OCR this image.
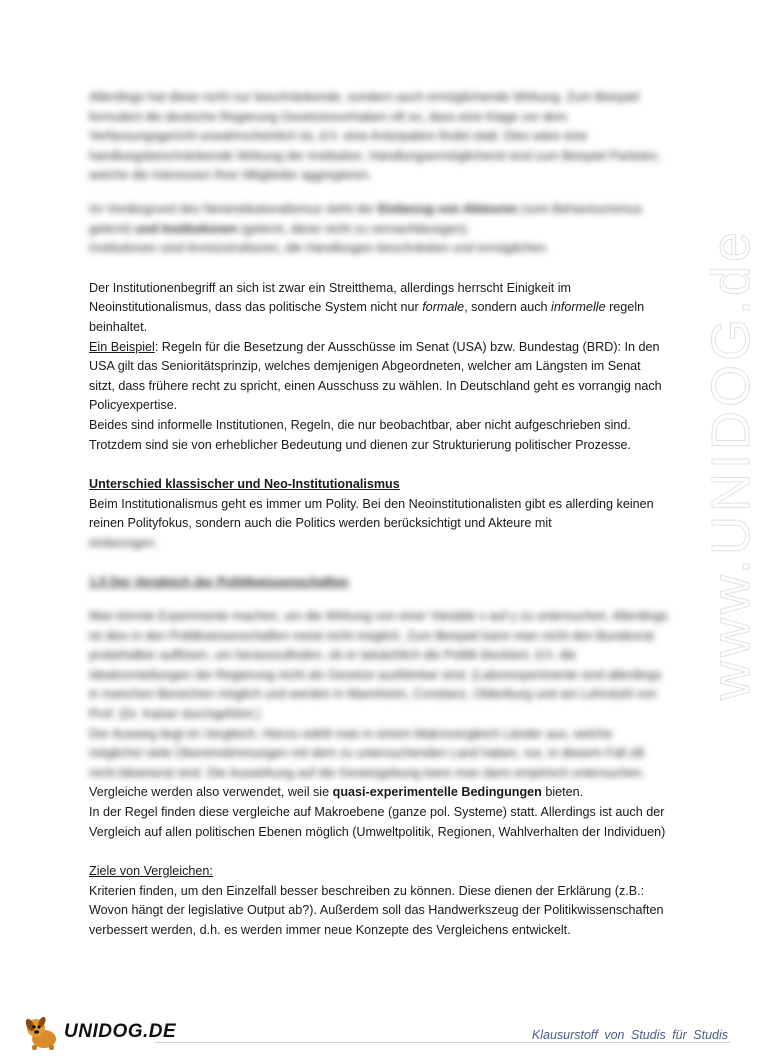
www.UNIDOG.de

Allerdings hat diese nicht nur beschränkende, sondern auch ermöglichende Wirkung. Zum Beispiel formuliert die deutsche Regierung Gesetzesvorhaben oft so, dass eine Klage vor dem Verfassungsgericht unwahrscheinlich ist, d.h. eine Antizipation findet statt. Dies wäre eine handlungsbeschränkende Wirkung der Institution. Handlungsermöglichend sind zum Beispiel Parteien, welche die Interessen ihrer Mitglieder aggregieren.

Im Vordergrund des Neoinstitutionalismus steht der Einbezug von Akteuren (vom Behaviourismus gelernt) und Institutionen (gelernt, diese nicht zu vernachlässigen).
Institutionen sind Anreizstrukturen, die Handlungen beschränken und ermöglichen.

Der Institutionenbegriff an sich ist zwar ein Streitthema, allerdings herrscht Einigkeit im Neoinstitutionalismus, dass das politische System nicht nur formale, sondern auch informelle regeln beinhaltet.

Ein Beispiel: Regeln für die Besetzung der Ausschüsse im Senat (USA) bzw. Bundestag (BRD): In den USA gilt das Senioritätsprinzip, welches demjenigen Abgeordneten, welcher am Längsten im Senat sitzt, dass frühere recht zu spricht, einen Ausschuss zu wählen. In Deutschland geht es vorrangig nach Policyexpertise.

Beides sind informelle Institutionen, Regeln, die nur beobachtbar, aber nicht aufgeschrieben sind. Trotzdem sind sie von erheblicher Bedeutung und dienen zur Strukturierung politischer Prozesse.

Unterschied klassischer und Neo-Institutionalismus

Beim Institutionalismus geht es immer um Polity. Bei den Neoinstitutionalisten gibt es allerding keinen reinen Polityfokus, sondern auch die Politics werden berücksichtigt und Akteure mit

einbezogen.

1.5 Der Vergleich der Politikwissenschaften

Man könnte Experimente machen, um die Wirkung von einer Variable x auf y zu untersuchen. Allerdings ist dies in den Politikwissenschaften meist nicht möglich. Zum Beispiel kann man nicht den Bundesrat probehalber auflösen, um herauszufinden, ob er tatsächlich die Politik blockiert, d.h. die Idealvorstellungen der Regierung nicht als Gesetze ausführbar sind. (Laborexperimente sind allerdings in manchen Bereichen möglich und werden in Mannheim, Constanz, Oldenburg und am Lehrstuhl von Prof. (Dr. Kaiser durchgeführt.)

Der Ausweg liegt im Vergleich. Hierzu wählt man in einem Makrovergleich Länder aus, welche möglichst viele Übereinstimmungen mit dem zu untersuchenden Land haben, nur, in diesem Fall zB nicht bikameral sind. Die Auswirkung auf die Gesetzgebung kann man dann empirisch untersuchen.

Vergleiche werden also verwendet, weil sie quasi-experimentelle Bedingungen bieten.

In der Regel finden diese vergleiche auf Makroebene (ganze pol. Systeme) statt. Allerdings ist auch der Vergleich auf allen politischen Ebenen möglich (Umweltpolitik, Regionen, Wahlverhalten der Individuen)

Ziele von Vergleichen:

Kriterien finden, um den Einzelfall besser beschreiben zu können. Diese dienen der Erklärung (z.B.: Wovon hängt der legislative Output ab?). Außerdem soll das Handwerkszeug der Politikwissenschaften verbessert werden, d.h. es werden immer neue Konzepte des Vergleichens entwickelt.

UNIDOG.DE	Klausurstoff von Studis für Studis
